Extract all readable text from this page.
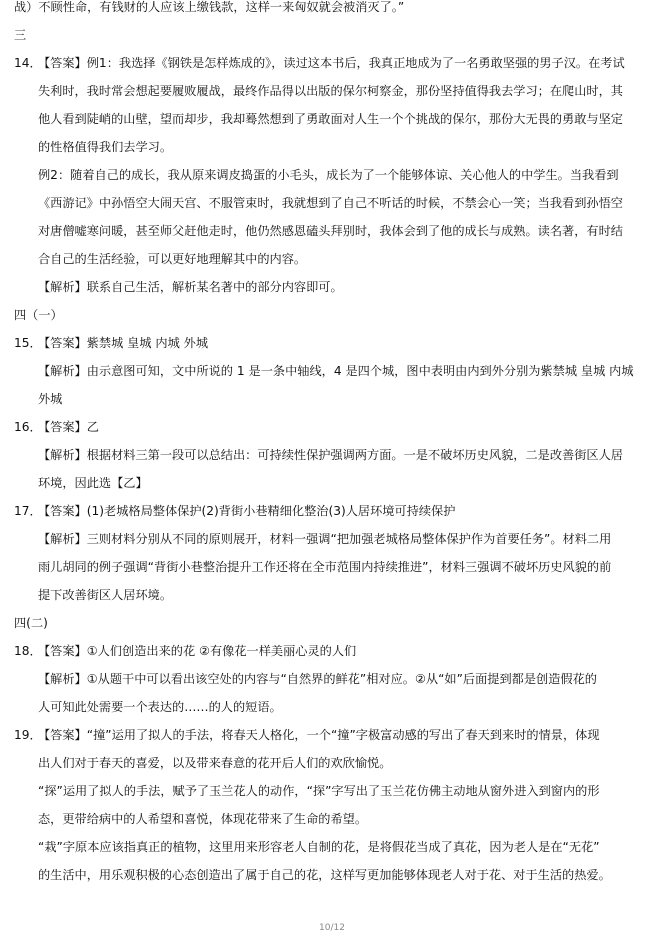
战）不顾性命，有钱财的人应该上缴钱款，这样一来匈奴就会被消灭了。”

三

14．【答案】例1：我选择《钢铁是怎样炼成的》，读过这本书后，我真正地成为了一名勇敢坚强的男子汉。在考试

失利时，我时常会想起要履败履战，最终作品得以出版的保尔柯察金，那份坚持值得我去学习；在爬山时，其

他人看到陡峭的山壁，望而却步，我却蓦然想到了勇敢面对人生一个个挑战的保尔，那份大无畏的勇敢与坚定

的性格值得我们去学习。

例2：随着自己的成长，我从原来调皮捣蛋的小毛头，成长为了一个能够体谅、关心他人的中学生。当我看到

《西游记》中孙悟空大闹天宫、不服管束时，我就想到了自己不听话的时候，不禁会心一笑；当我看到孙悟空

对唐僧嘘寒问暖，甚至师父赶他走时，他仍然感恩磕头拜别时，我体会到了他的成长与成熟。读名著，有时结

合自己的生活经验，可以更好地理解其中的内容。

【解析】联系自己生活，解析某名著中的部分内容即可。

四（一）

15．【答案】紫禁城 皇城 内城 外城

【解析】由示意图可知，文中所说的 1 是一条中轴线，4 是四个城，图中表明由内到外分别为紫禁城 皇城 内城

外城

16．【答案】乙

【解析】根据材料三第一段可以总结出：可持续性保护强调两方面。一是不破坏历史风貌，二是改善街区人居

环境，因此选【乙】

17．【答案】(1)老城格局整体保护(2)背街小巷精细化整治(3)人居环境可持续保护

【解析】三则材料分别从不同的原则展开，材料一强调“把加强老城格局整体保护作为首要任务”。材料二用

雨儿胡同的例子强调“背街小巷整治提升工作还将在全市范围内持续推进”，材料三强调不破坏历史风貌的前

提下改善街区人居环境。

四(二)

18．【答案】①人们创造出来的花 ②有像花一样美丽心灵的人们

【解析】①从题干中可以看出该空处的内容与“自然界的鲜花”相对应。②从“如”后面提到都是创造假花的

人可知此处需要一个表达的……的人的短语。

19．【答案】“撞”运用了拟人的手法，将春天人格化，一个“撞”字极富动感的写出了春天到来时的情景，体现

出人们对于春天的喜爱，以及带来春意的花开后人们的欢欣愉悦。

“探”运用了拟人的手法，赋予了玉兰花人的动作，“探”字写出了玉兰花仿佛主动地从窗外进入到窗内的形

态，更带给病中的人希望和喜悦，体现花带来了生命的希望。

“栽”字原本应该指真正的植物，这里用来形容老人自制的花，是将假花当成了真花，因为老人是在“无花”

的生活中，用乐观积极的心态创造出了属于自己的花，这样写更加能够体现老人对于花、对于生活的热爱。

10/12
